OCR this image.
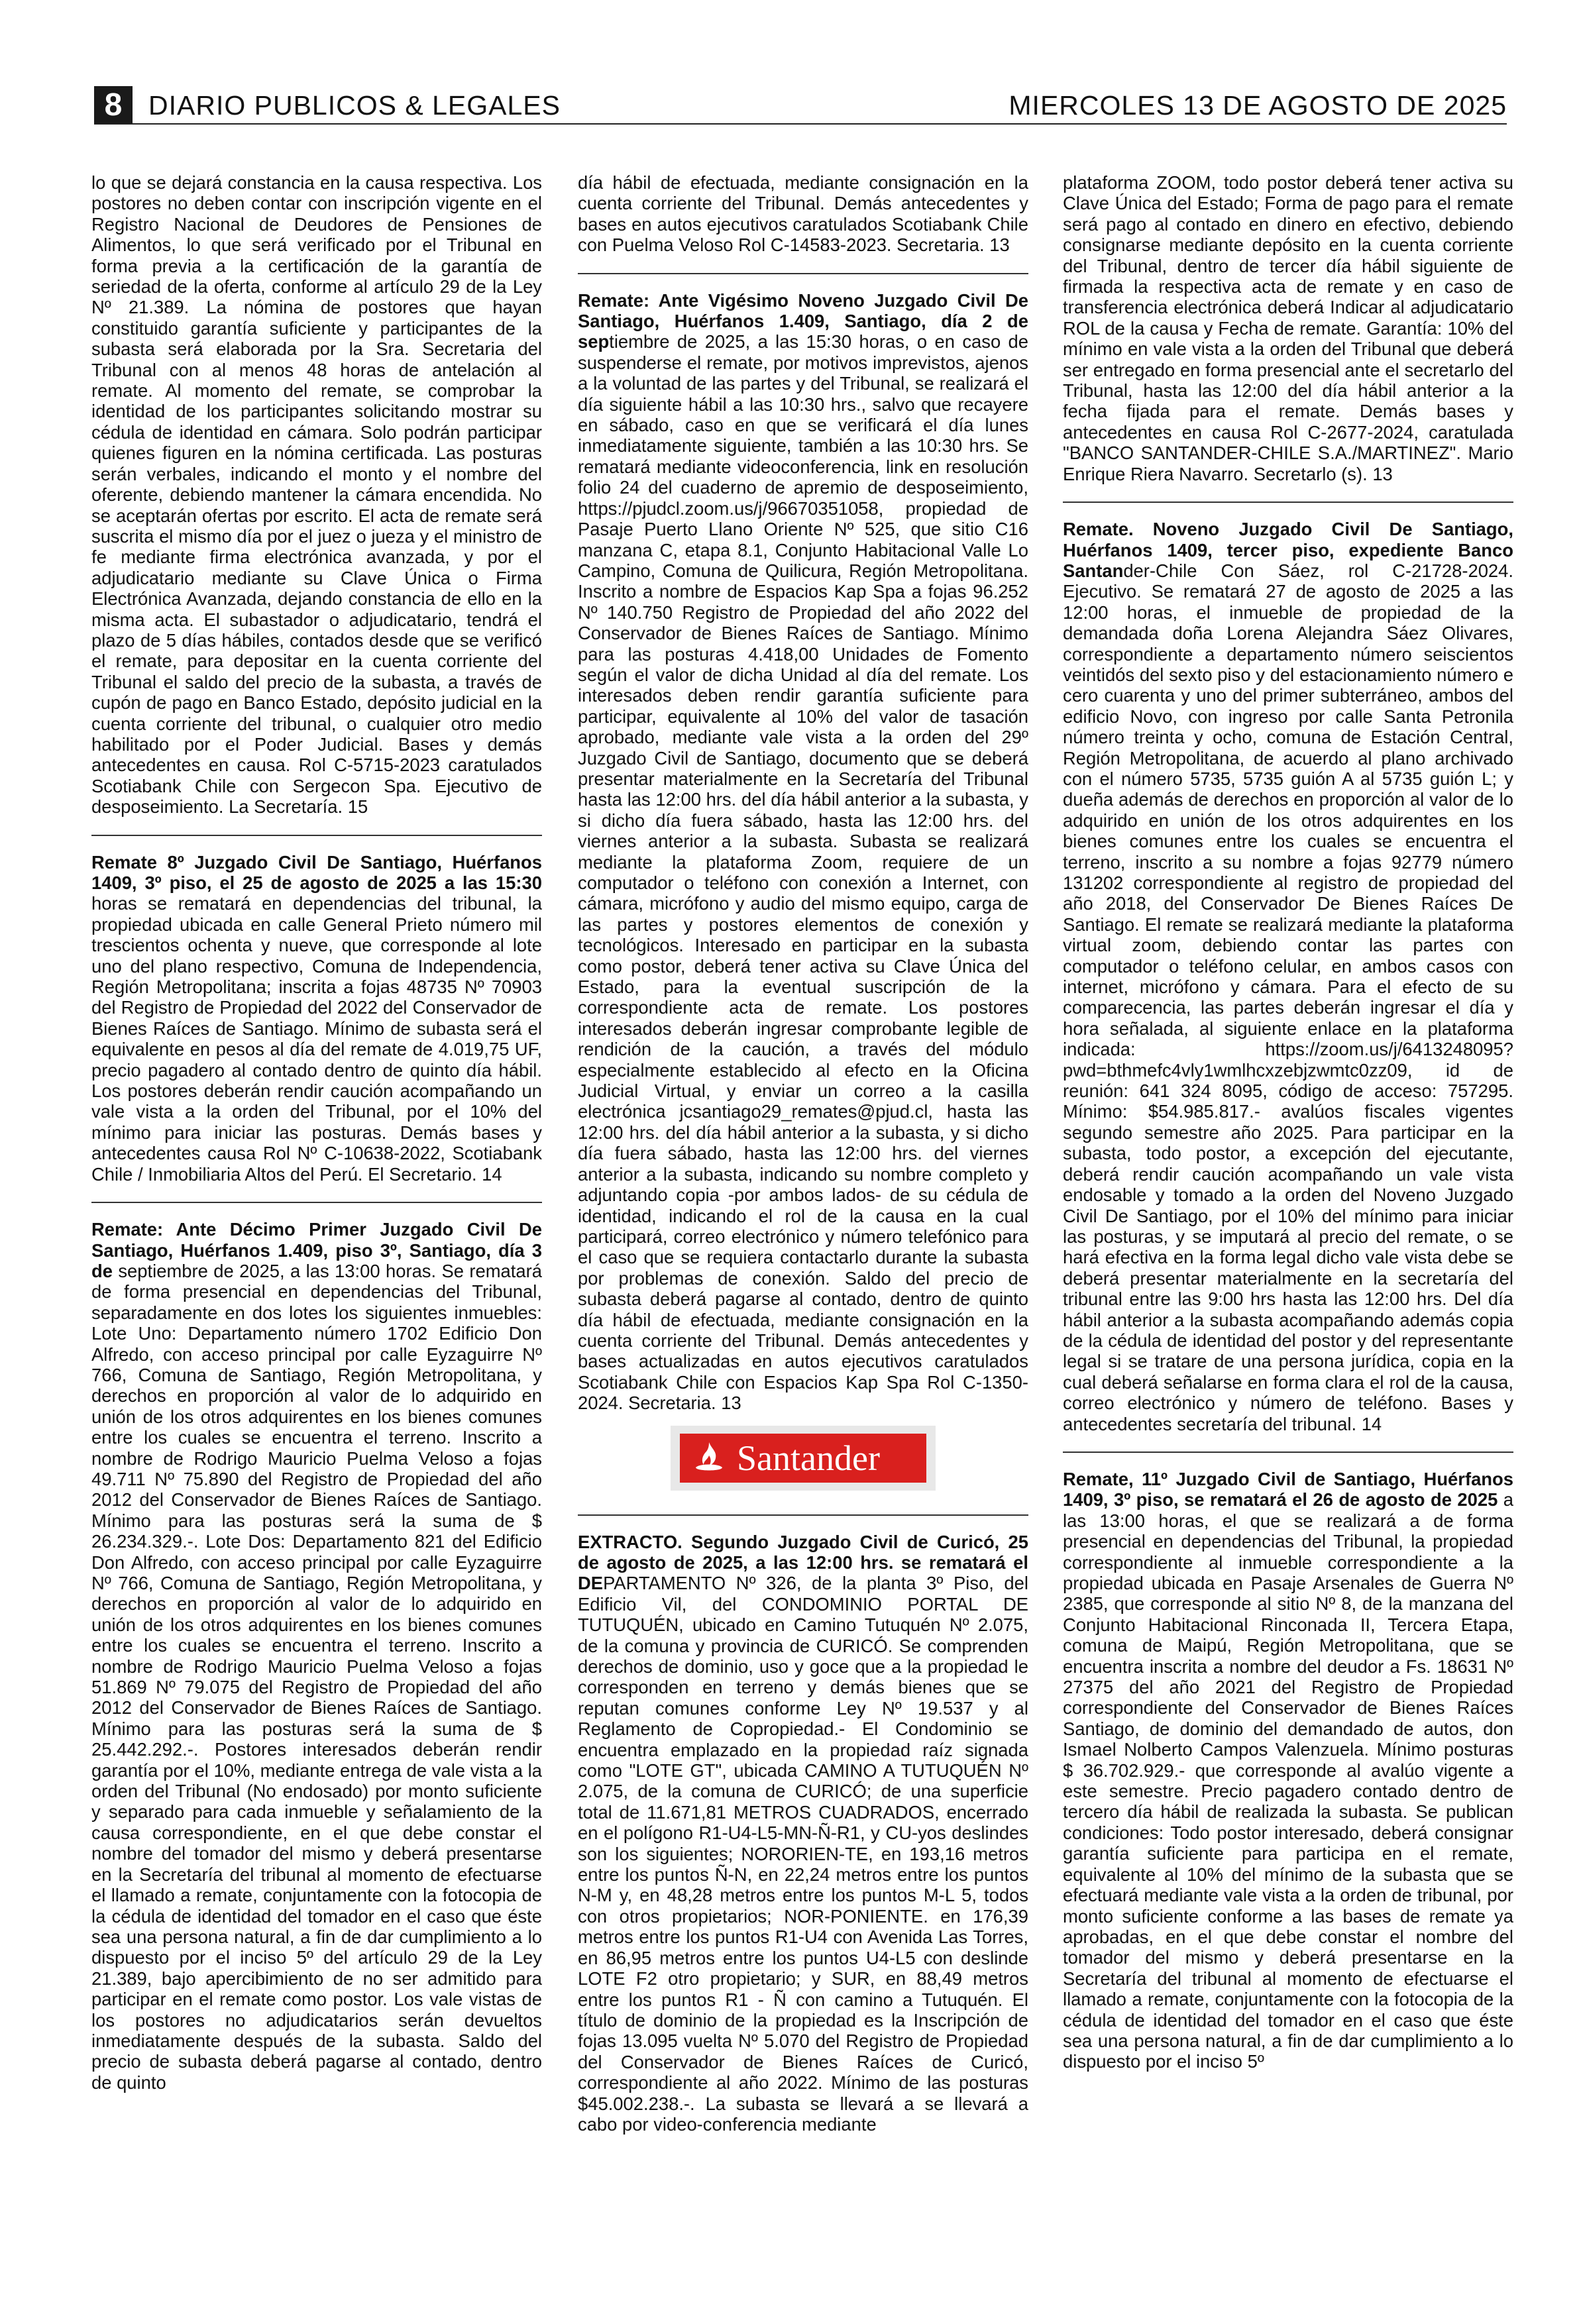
8 DIARIO PUBLICOS & LEGALES	MIERCOLES 13 DE AGOSTO DE 2025

lo que se dejará constancia en la causa respectiva. Los postores no deben contar con inscripción vigente en el Registro Nacional de Deudores de Pensiones de Alimentos, lo que será verificado por el Tribunal en forma previa a la certificación de la garantía de seriedad de la oferta, conforme al artículo 29 de la Ley Nº 21.389. La nómina de postores que hayan constituido garantía suficiente y participantes de la subasta será elaborada por la Sra. Secretaria del Tribunal con al menos 48 horas de antelación al remate. Al momento del remate, se comprobar la identidad de los participantes solicitando mostrar su cédula de identidad en cámara. Solo podrán participar quienes figuren en la nómina certificada. Las posturas serán verbales, indicando el monto y el nombre del oferente, debiendo mantener la cámara encendida. No se aceptarán ofertas por escrito. El acta de remate será suscrita el mismo día por el juez o jueza y el ministro de fe mediante firma electrónica avanzada, y por el adjudicatario mediante su Clave Única o Firma Electrónica Avanzada, dejando constancia de ello en la misma acta. El subastador o adjudicatario, tendrá el plazo de 5 días hábiles, contados desde que se verificó el remate, para depositar en la cuenta corriente del Tribunal el saldo del precio de la subasta, a través de cupón de pago en Banco Estado, depósito judicial en la cuenta corriente del tribunal, o cualquier otro medio habilitado por el Poder Judicial. Bases y demás antecedentes en causa. Rol C-5715-2023 caratulados Scotiabank Chile con Sergecon Spa. Ejecutivo de desposeimiento. La Secretaría. 15

Remate 8º Juzgado Civil De Santiago, Huérfanos 1409, 3º piso, el 25 de agosto de 2025 a las 15:30 horas se rematará en dependencias del tribunal, la propiedad ubicada en calle General Prieto número mil trescientos ochenta y nueve, que corresponde al lote uno del plano respectivo, Comuna de Independencia, Región Metropolitana; inscrita a fojas 48735 Nº 70903 del Registro de Propiedad del 2022 del Conservador de Bienes Raíces de Santiago. Mínimo de subasta será el equivalente en pesos al día del remate de 4.019,75 UF, precio pagadero al contado dentro de quinto día hábil. Los postores deberán rendir caución acompañando un vale vista a la orden del Tribunal, por el 10% del mínimo para iniciar las posturas. Demás bases y antecedentes causa Rol Nº C-10638-2022, Scotiabank Chile / Inmobiliaria Altos del Perú. El Secretario. 14

Remate: Ante Décimo Primer Juzgado Civil De Santiago, Huérfanos 1.409, piso 3º, Santiago, día 3 de septiembre de 2025, a las 13:00 horas. Se rematará de forma presencial en dependencias del Tribunal, separadamente en dos lotes los siguientes inmuebles: Lote Uno: Departamento número 1702 Edificio Don Alfredo, con acceso principal por calle Eyzaguirre Nº 766, Comuna de Santiago, Región Metropolitana, y derechos en proporción al valor de lo adquirido en unión de los otros adquirentes en los bienes comunes entre los cuales se encuentra el terreno. Inscrito a nombre de Rodrigo Mauricio Puelma Veloso a fojas 49.711 Nº 75.890 del Registro de Propiedad del año 2012 del Conservador de Bienes Raíces de Santiago. Mínimo para las posturas será la suma de $ 26.234.329.-. Lote Dos: Departamento 821 del Edificio Don Alfredo, con acceso principal por calle Eyzaguirre Nº 766, Comuna de Santiago, Región Metropolitana, y derechos en proporción al valor de lo adquirido en unión de los otros adquirentes en los bienes comunes entre los cuales se encuentra el terreno. Inscrito a nombre de Rodrigo Mauricio Puelma Veloso a fojas 51.869 Nº 79.075 del Registro de Propiedad del año 2012 del Conservador de Bienes Raíces de Santiago. Mínimo para las posturas será la suma de $ 25.442.292.-. Postores interesados deberán rendir garantía por el 10%, mediante entrega de vale vista a la orden del Tribunal (No endosado) por monto suficiente y separado para cada inmueble y señalamiento de la causa correspondiente, en el que debe constar el nombre del tomador del mismo y deberá presentarse en la Secretaría del tribunal al momento de efectuarse el llamado a remate, conjuntamente con la fotocopia de la cédula de identidad del tomador en el caso que éste sea una persona natural, a fin de dar cumplimiento a lo dispuesto por el inciso 5º del artículo 29 de la Ley 21.389, bajo apercibimiento de no ser admitido para participar en el remate como postor. Los vale vistas de los postores no adjudicatarios serán devueltos inmediatamente después de la subasta. Saldo del precio de subasta deberá pagarse al contado, dentro de quinto

día hábil de efectuada, mediante consignación en la cuenta corriente del Tribunal. Demás antecedentes y bases en autos ejecutivos caratulados Scotiabank Chile con Puelma Veloso Rol C-14583-2023. Secretaria. 13

Remate: Ante Vigésimo Noveno Juzgado Civil De Santiago, Huérfanos 1.409, Santiago, día 2 de septiembre de 2025, a las 15:30 horas, o en caso de suspenderse el remate, por motivos imprevistos, ajenos a la voluntad de las partes y del Tribunal, se realizará el día siguiente hábil a las 10:30 hrs., salvo que recayere en sábado, caso en que se verificará el día lunes inmediatamente siguiente, también a las 10:30 hrs. Se rematará mediante videoconferencia, link en resolución folio 24 del cuaderno de apremio de desposeimiento, https://pjudcl.zoom.us/j/96670351058, propiedad de Pasaje Puerto Llano Oriente Nº 525, que sitio C16 manzana C, etapa 8.1, Conjunto Habitacional Valle Lo Campino, Comuna de Quilicura, Región Metropolitana. Inscrito a nombre de Espacios Kap Spa a fojas 96.252 Nº 140.750 Registro de Propiedad del año 2022 del Conservador de Bienes Raíces de Santiago. Mínimo para las posturas 4.418,00 Unidades de Fomento según el valor de dicha Unidad al día del remate. Los interesados deben rendir garantía suficiente para participar, equivalente al 10% del valor de tasación aprobado, mediante vale vista a la orden del 29º Juzgado Civil de Santiago, documento que se deberá presentar materialmente en la Secretaría del Tribunal hasta las 12:00 hrs. del día hábil anterior a la subasta, y si dicho día fuera sábado, hasta las 12:00 hrs. del viernes anterior a la subasta. Subasta se realizará mediante la plataforma Zoom, requiere de un computador o teléfono con conexión a Internet, con cámara, micrófono y audio del mismo equipo, carga de las partes y postores elementos de conexión y tecnológicos. Interesado en participar en la subasta como postor, deberá tener activa su Clave Única del Estado, para la eventual suscripción de la correspondiente acta de remate. Los postores interesados deberán ingresar comprobante legible de rendición de la caución, a través del módulo especialmente establecido al efecto en la Oficina Judicial Virtual, y enviar un correo a la casilla electrónica jcsantiago29_remates@pjud.cl, hasta las 12:00 hrs. del día hábil anterior a la subasta, y si dicho día fuera sábado, hasta las 12:00 hrs. del viernes anterior a la subasta, indicando su nombre completo y adjuntando copia -por ambos lados- de su cédula de identidad, indicando el rol de la causa en la cual participará, correo electrónico y número telefónico para el caso que se requiera contactarlo durante la subasta por problemas de conexión. Saldo del precio de subasta deberá pagarse al contado, dentro de quinto día hábil de efectuada, mediante consignación en la cuenta corriente del Tribunal. Demás antecedentes y bases actualizadas en autos ejecutivos caratulados Scotiabank Chile con Espacios Kap Spa Rol C-1350-2024. Secretaria. 13

Santander

EXTRACTO. Segundo Juzgado Civil de Curicó, 25 de agosto de 2025, a las 12:00 hrs. se rematará el DEPARTAMENTO Nº 326, de la planta 3º Piso, del Edificio Vil, del CONDOMINIO PORTAL DE TUTUQUÉN, ubicado en Camino Tutuquén Nº 2.075, de la comuna y provincia de CURICÓ. Se comprenden derechos de dominio, uso y goce que a la propiedad le corresponden en terreno y demás bienes que se reputan comunes conforme Ley Nº 19.537 y al Reglamento de Copropiedad.- El Condominio se encuentra emplazado en la propiedad raíz signada como "LOTE GT", ubicada CAMINO A TUTUQUÉN Nº 2.075, de la comuna de CURICÓ; de una superficie total de 11.671,81 METROS CUADRADOS, encerrado en el polígono R1-U4-L5-MN-Ñ-R1, y CU-yos deslindes son los siguientes; NORORIEN-TE, en 193,16 metros entre los puntos Ñ-N, en 22,24 metros entre los puntos N-M y, en 48,28 metros entre los puntos M-L 5, todos con otros propietarios; NOR-PONIENTE. en 176,39 metros entre los puntos R1-U4 con Avenida Las Torres, en 86,95 metros entre los puntos U4-L5 con deslinde LOTE F2 otro propietario; y SUR, en 88,49 metros entre los puntos R1 - Ñ con camino a Tutuquén. El título de dominio de la propiedad es la Inscripción de fojas 13.095 vuelta Nº 5.070 del Registro de Propiedad del Conservador de Bienes Raíces de Curicó, correspondiente al año 2022. Mínimo de las posturas $45.002.238.-. La subasta se llevará a se llevará a cabo por video-conferencia mediante

plataforma ZOOM, todo postor deberá tener activa su Clave Única del Estado; Forma de pago para el remate será pago al contado en dinero en efectivo, debiendo consignarse mediante depósito en la cuenta corriente del Tribunal, dentro de tercer día hábil siguiente de firmada la respectiva acta de remate y en caso de transferencia electrónica deberá Indicar al adjudicatario ROL de la causa y Fecha de remate. Garantía: 10% del mínimo en vale vista a la orden del Tribunal que deberá ser entregado en forma presencial ante el secretarlo del Tribunal, hasta las 12:00 del día hábil anterior a la fecha fijada para el remate. Demás bases y antecedentes en causa Rol C-2677-2024, caratulada "BANCO SANTANDER-CHILE S.A./MARTINEZ". Mario Enrique Riera Navarro. Secretarlo (s). 13

Remate. Noveno Juzgado Civil De Santiago, Huérfanos 1409, tercer piso, expediente Banco Santander-Chile Con Sáez, rol C-21728-2024. Ejecutivo. Se rematará 27 de agosto de 2025 a las 12:00 horas, el inmueble de propiedad de la demandada doña Lorena Alejandra Sáez Olivares, correspondiente a departamento número seiscientos veintidós del sexto piso y del estacionamiento número e cero cuarenta y uno del primer subterráneo, ambos del edificio Novo, con ingreso por calle Santa Petronila número treinta y ocho, comuna de Estación Central, Región Metropolitana, de acuerdo al plano archivado con el número 5735, 5735 guión A al 5735 guión L; y dueña además de derechos en proporción al valor de lo adquirido en unión de los otros adquirentes en los bienes comunes entre los cuales se encuentra el terreno, inscrito a su nombre a fojas 92779 número 131202 correspondiente al registro de propiedad del año 2018, del Conservador De Bienes Raíces De Santiago. El remate se realizará mediante la plataforma virtual zoom, debiendo contar las partes con computador o teléfono celular, en ambos casos con internet, micrófono y cámara. Para el efecto de su comparecencia, las partes deberán ingresar el día y hora señalada, al siguiente enlace en la plataforma indicada: https://zoom.us/j/6413248095?pwd=bthmefc4vly1wmlhcxzebjzwmtc0zz09, id de reunión: 641 324 8095, código de acceso: 757295. Mínimo: $54.985.817.- avalúos fiscales vigentes segundo semestre año 2025. Para participar en la subasta, todo postor, a excepción del ejecutante, deberá rendir caución acompañando un vale vista endosable y tomado a la orden del Noveno Juzgado Civil De Santiago, por el 10% del mínimo para iniciar las posturas, y se imputará al precio del remate, o se hará efectiva en la forma legal dicho vale vista debe se deberá presentar materialmente en la secretaría del tribunal entre las 9:00 hrs hasta las 12:00 hrs. Del día hábil anterior a la subasta acompañando además copia de la cédula de identidad del postor y del representante legal si se tratare de una persona jurídica, copia en la cual deberá señalarse en forma clara el rol de la causa, correo electrónico y número de teléfono. Bases y antecedentes secretaría del tribunal. 14

Remate, 11º Juzgado Civil de Santiago, Huérfanos 1409, 3º piso, se rematará el 26 de agosto de 2025 a las 13:00 horas, el que se realizará a de forma presencial en dependencias del Tribunal, la propiedad correspondiente al inmueble correspondiente a la propiedad ubicada en Pasaje Arsenales de Guerra Nº 2385, que corresponde al sitio Nº 8, de la manzana del Conjunto Habitacional Rinconada II, Tercera Etapa, comuna de Maipú, Región Metropolitana, que se encuentra inscrita a nombre del deudor a Fs. 18631 Nº 27375 del año 2021 del Registro de Propiedad correspondiente del Conservador de Bienes Raíces Santiago, de dominio del demandado de autos, don Ismael Nolberto Campos Valenzuela. Mínimo posturas $ 36.702.929.- que corresponde al avalúo vigente a este semestre. Precio pagadero contado dentro de tercero día hábil de realizada la subasta. Se publican condiciones: Todo postor interesado, deberá consignar garantía suficiente para participa en el remate, equivalente al 10% del mínimo de la subasta que se efectuará mediante vale vista a la orden de tribunal, por monto suficiente conforme a las bases de remate ya aprobadas, en el que debe constar el nombre del tomador del mismo y deberá presentarse en la Secretaría del tribunal al momento de efectuarse el llamado a remate, conjuntamente con la fotocopia de la cédula de identidad del tomador en el caso que éste sea una persona natural, a fin de dar cumplimiento a lo dispuesto por el inciso 5º
